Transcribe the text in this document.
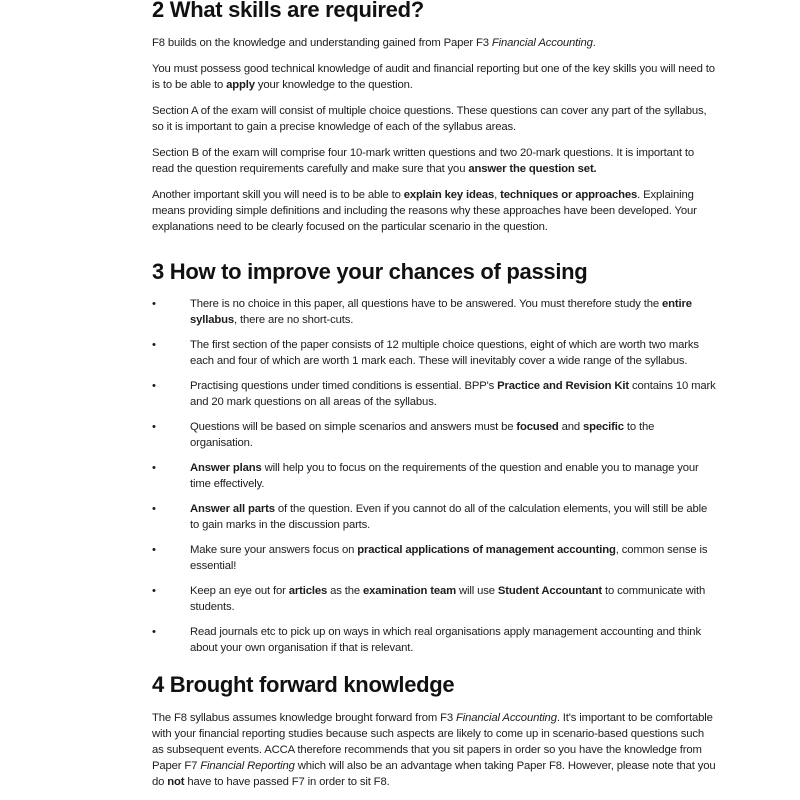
2 What skills are required?

F8 builds on the knowledge and understanding gained from Paper F3 Financial Accounting.

You must possess good technical knowledge of audit and financial reporting but one of the key skills you will need to is to be able to apply your knowledge to the question.

Section A of the exam will consist of multiple choice questions. These questions can cover any part of the syllabus, so it is important to gain a precise knowledge of each of the syllabus areas.

Section B of the exam will comprise four 10-mark written questions and two 20-mark questions. It is important to read the question requirements carefully and make sure that you answer the question set.

Another important skill you will need is to be able to explain key ideas, techniques or approaches. Explaining means providing simple definitions and including the reasons why these approaches have been developed. Your explanations need to be clearly focused on the particular scenario in the question.

3 How to improve your chances of passing
•	There is no choice in this paper, all questions have to be answered. You must therefore study the entire syllabus, there are no short-cuts.

•	The first section of the paper consists of 12 multiple choice questions, eight of which are worth two marks each and four of which are worth 1 mark each. These will inevitably cover a wide range of the syllabus.

•	Practising questions under timed conditions is essential. BPP's Practice and Revision Kit contains 10 mark and 20 mark questions on all areas of the syllabus.

•	Questions will be based on simple scenarios and answers must be focused and specific to the organisation.

•	Answer plans will help you to focus on the requirements of the question and enable you to manage your time effectively.

•	Answer all parts of the question. Even if you cannot do all of the calculation elements, you will still be able to gain marks in the discussion parts.

•	Make sure your answers focus on practical applications of management accounting, common sense is essential!

•	Keep an eye out for articles as the examination team will use Student Accountant to communicate with students.

•	Read journals etc to pick up on ways in which real organisations apply management accounting and think about your own organisation if that is relevant.

4 Brought forward knowledge

The F8 syllabus assumes knowledge brought forward from F3 Financial Accounting. It's important to be comfortable with your financial reporting studies because such aspects are likely to come up in scenario-based questions such as subsequent events. ACCA therefore recommends that you sit papers in order so you have the knowledge from Paper F7 Financial Reporting which will also be an advantage when taking Paper F8. However, please note that you do not have to have passed F7 in order to sit F8.
